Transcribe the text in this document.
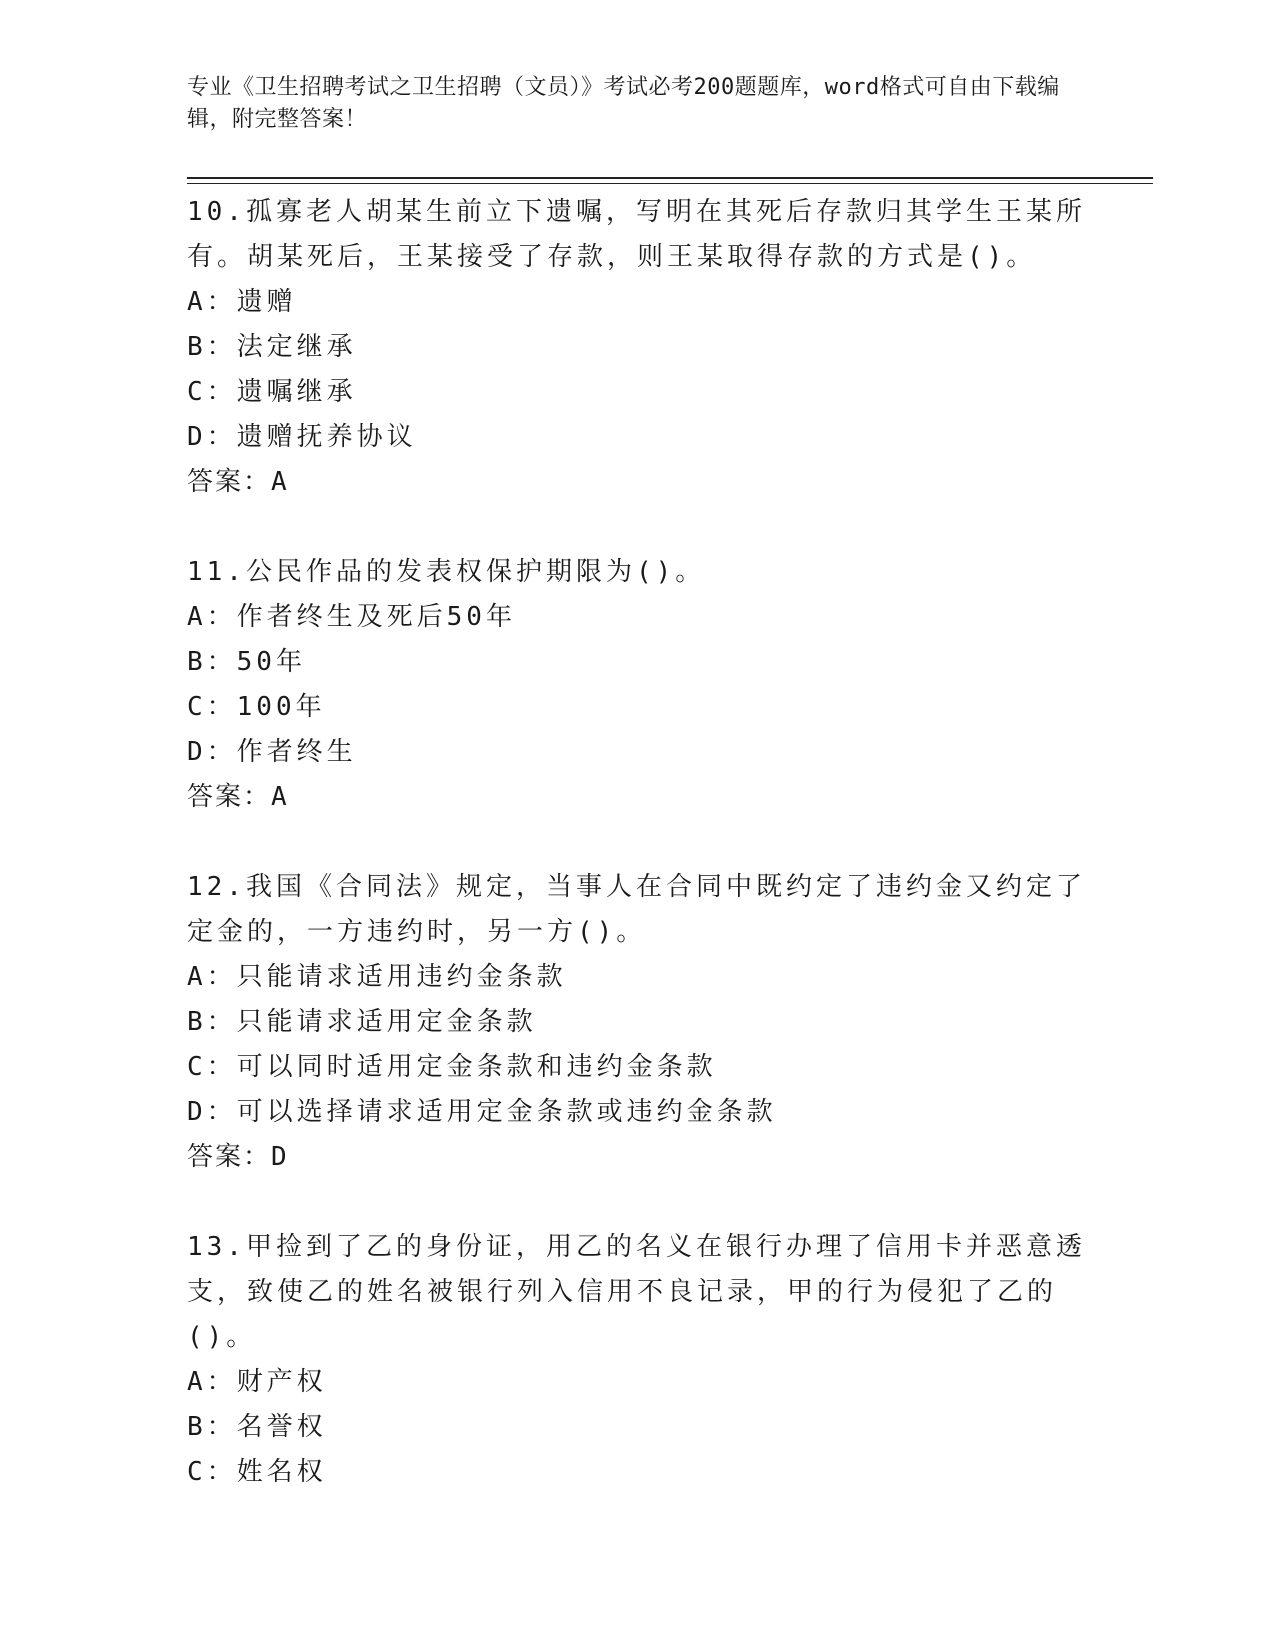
专业《卫生招聘考试之卫生招聘（文员）》考试必考200题题库，word格式可自由下载编辑，附完整答案！

10.孤寡老人胡某生前立下遗嘱，写明在其死后存款归其学生王某所有。胡某死后，王某接受了存款，则王某取得存款的方式是()。

A：遗赠

B：法定继承

C：遗嘱继承

D：遗赠抚养协议

答案：A

11.公民作品的发表权保护期限为()。

A：作者终生及死后50年

B：50年

C：100年

D：作者终生

答案：A

12.我国《合同法》规定，当事人在合同中既约定了违约金又约定了定金的，一方违约时，另一方()。

A：只能请求适用违约金条款

B：只能请求适用定金条款

C：可以同时适用定金条款和违约金条款

D：可以选择请求适用定金条款或违约金条款

答案：D

13.甲捡到了乙的身份证，用乙的名义在银行办理了信用卡并恶意透支，致使乙的姓名被银行列入信用不良记录，甲的行为侵犯了乙的()。

A：财产权

B：名誉权

C：姓名权
